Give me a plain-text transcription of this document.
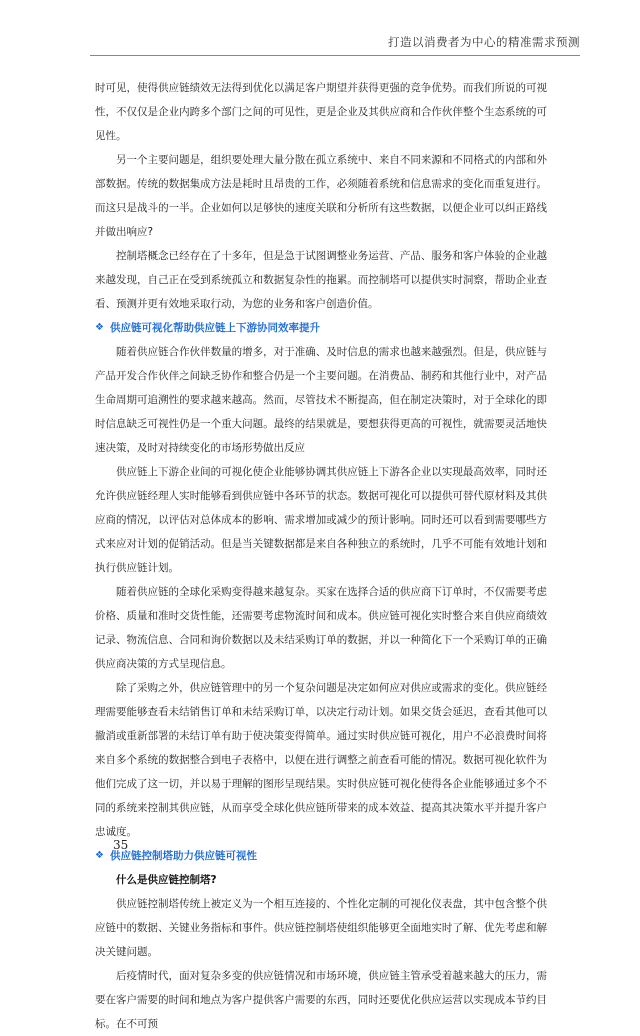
打造以消费者为中心的精准需求预测

时可见，使得供应链绩效无法得到优化以满足客户期望并获得更强的竞争优势。而我们所说的可视性，不仅仅是企业内跨多个部门之间的可见性，更是企业及其供应商和合作伙伴整个生态系统的可见性。

另一个主要问题是，组织要处理大量分散在孤立系统中、来自不同来源和不同格式的内部和外部数据。传统的数据集成方法是耗时且昂贵的工作，必须随着系统和信息需求的变化而重复进行。而这只是战斗的一半。企业如何以足够快的速度关联和分析所有这些数据，以便企业可以纠正路线并做出响应?

控制塔概念已经存在了十多年，但是急于试图调整业务运营、产品、服务和客户体验的企业越来越发现，自己正在受到系统孤立和数据复杂性的拖累。而控制塔可以提供实时洞察，帮助企业查看、预测并更有效地采取行动，为您的业务和客户创造价值。

❖ 供应链可视化帮助供应链上下游协同效率提升

随着供应链合作伙伴数量的增多，对于准确、及时信息的需求也越来越强烈。但是，供应链与产品开发合作伙伴之间缺乏协作和整合仍是一个主要问题。在消费品、制药和其他行业中，对产品生命周期可追溯性的要求越来越高。然而，尽管技术不断提高，但在制定决策时，对于全球化的即时信息缺乏可视性仍是一个重大问题。最终的结果就是，要想获得更高的可视性，就需要灵活地快速决策，及时对持续变化的市场形势做出反应

供应链上下游企业间的可视化使企业能够协调其供应链上下游各企业以实现最高效率，同时还允许供应链经理人实时能够看到供应链中各环节的状态。数据可视化可以提供可替代原材料及其供应商的情况，以评估对总体成本的影响、需求增加或减少的预计影响。同时还可以看到需要哪些方式来应对计划的促销活动。但是当关键数据都是来自各种独立的系统时，几乎不可能有效地计划和执行供应链计划。

随着供应链的全球化采购变得越来越复杂。买家在选择合适的供应商下订单时，不仅需要考虑价格、质量和准时交货性能，还需要考虑物流时间和成本。供应链可视化实时整合来自供应商绩效记录、物流信息、合同和询价数据以及未结采购订单的数据，并以一种简化下一个采购订单的正确供应商决策的方式呈现信息。

除了采购之外，供应链管理中的另一个复杂问题是决定如何应对供应或需求的变化。供应链经理需要能够查看未结销售订单和未结采购订单，以决定行动计划。如果交货会延迟，查看其他可以撤消或重新部署的未结订单有助于使决策变得简单。通过实时供应链可视化，用户不必浪费时间将来自多个系统的数据整合到电子表格中，以便在进行调整之前查看可能的情况。数据可视化软件为他们完成了这一切，并以易于理解的图形呈现结果。实时供应链可视化使得各企业能够通过多个不同的系统来控制其供应链，从而享受全球化供应链所带来的成本效益、提高其决策水平并提升客户忠诚度。

❖ 供应链控制塔助力供应链可视性

什么是供应链控制塔?

供应链控制塔传统上被定义为一个相互连接的、个性化定制的可视化仪表盘，其中包含整个供应链中的数据、关键业务指标和事件。供应链控制塔使组织能够更全面地实时了解、优先考虑和解决关键问题。

后疫情时代，面对复杂多变的供应链情况和市场环境，供应链主管承受着越来越大的压力，需要在客户需要的时间和地点为客户提供客户需要的东西，同时还要优化供应运营以实现成本节约目标。在不可预

35
